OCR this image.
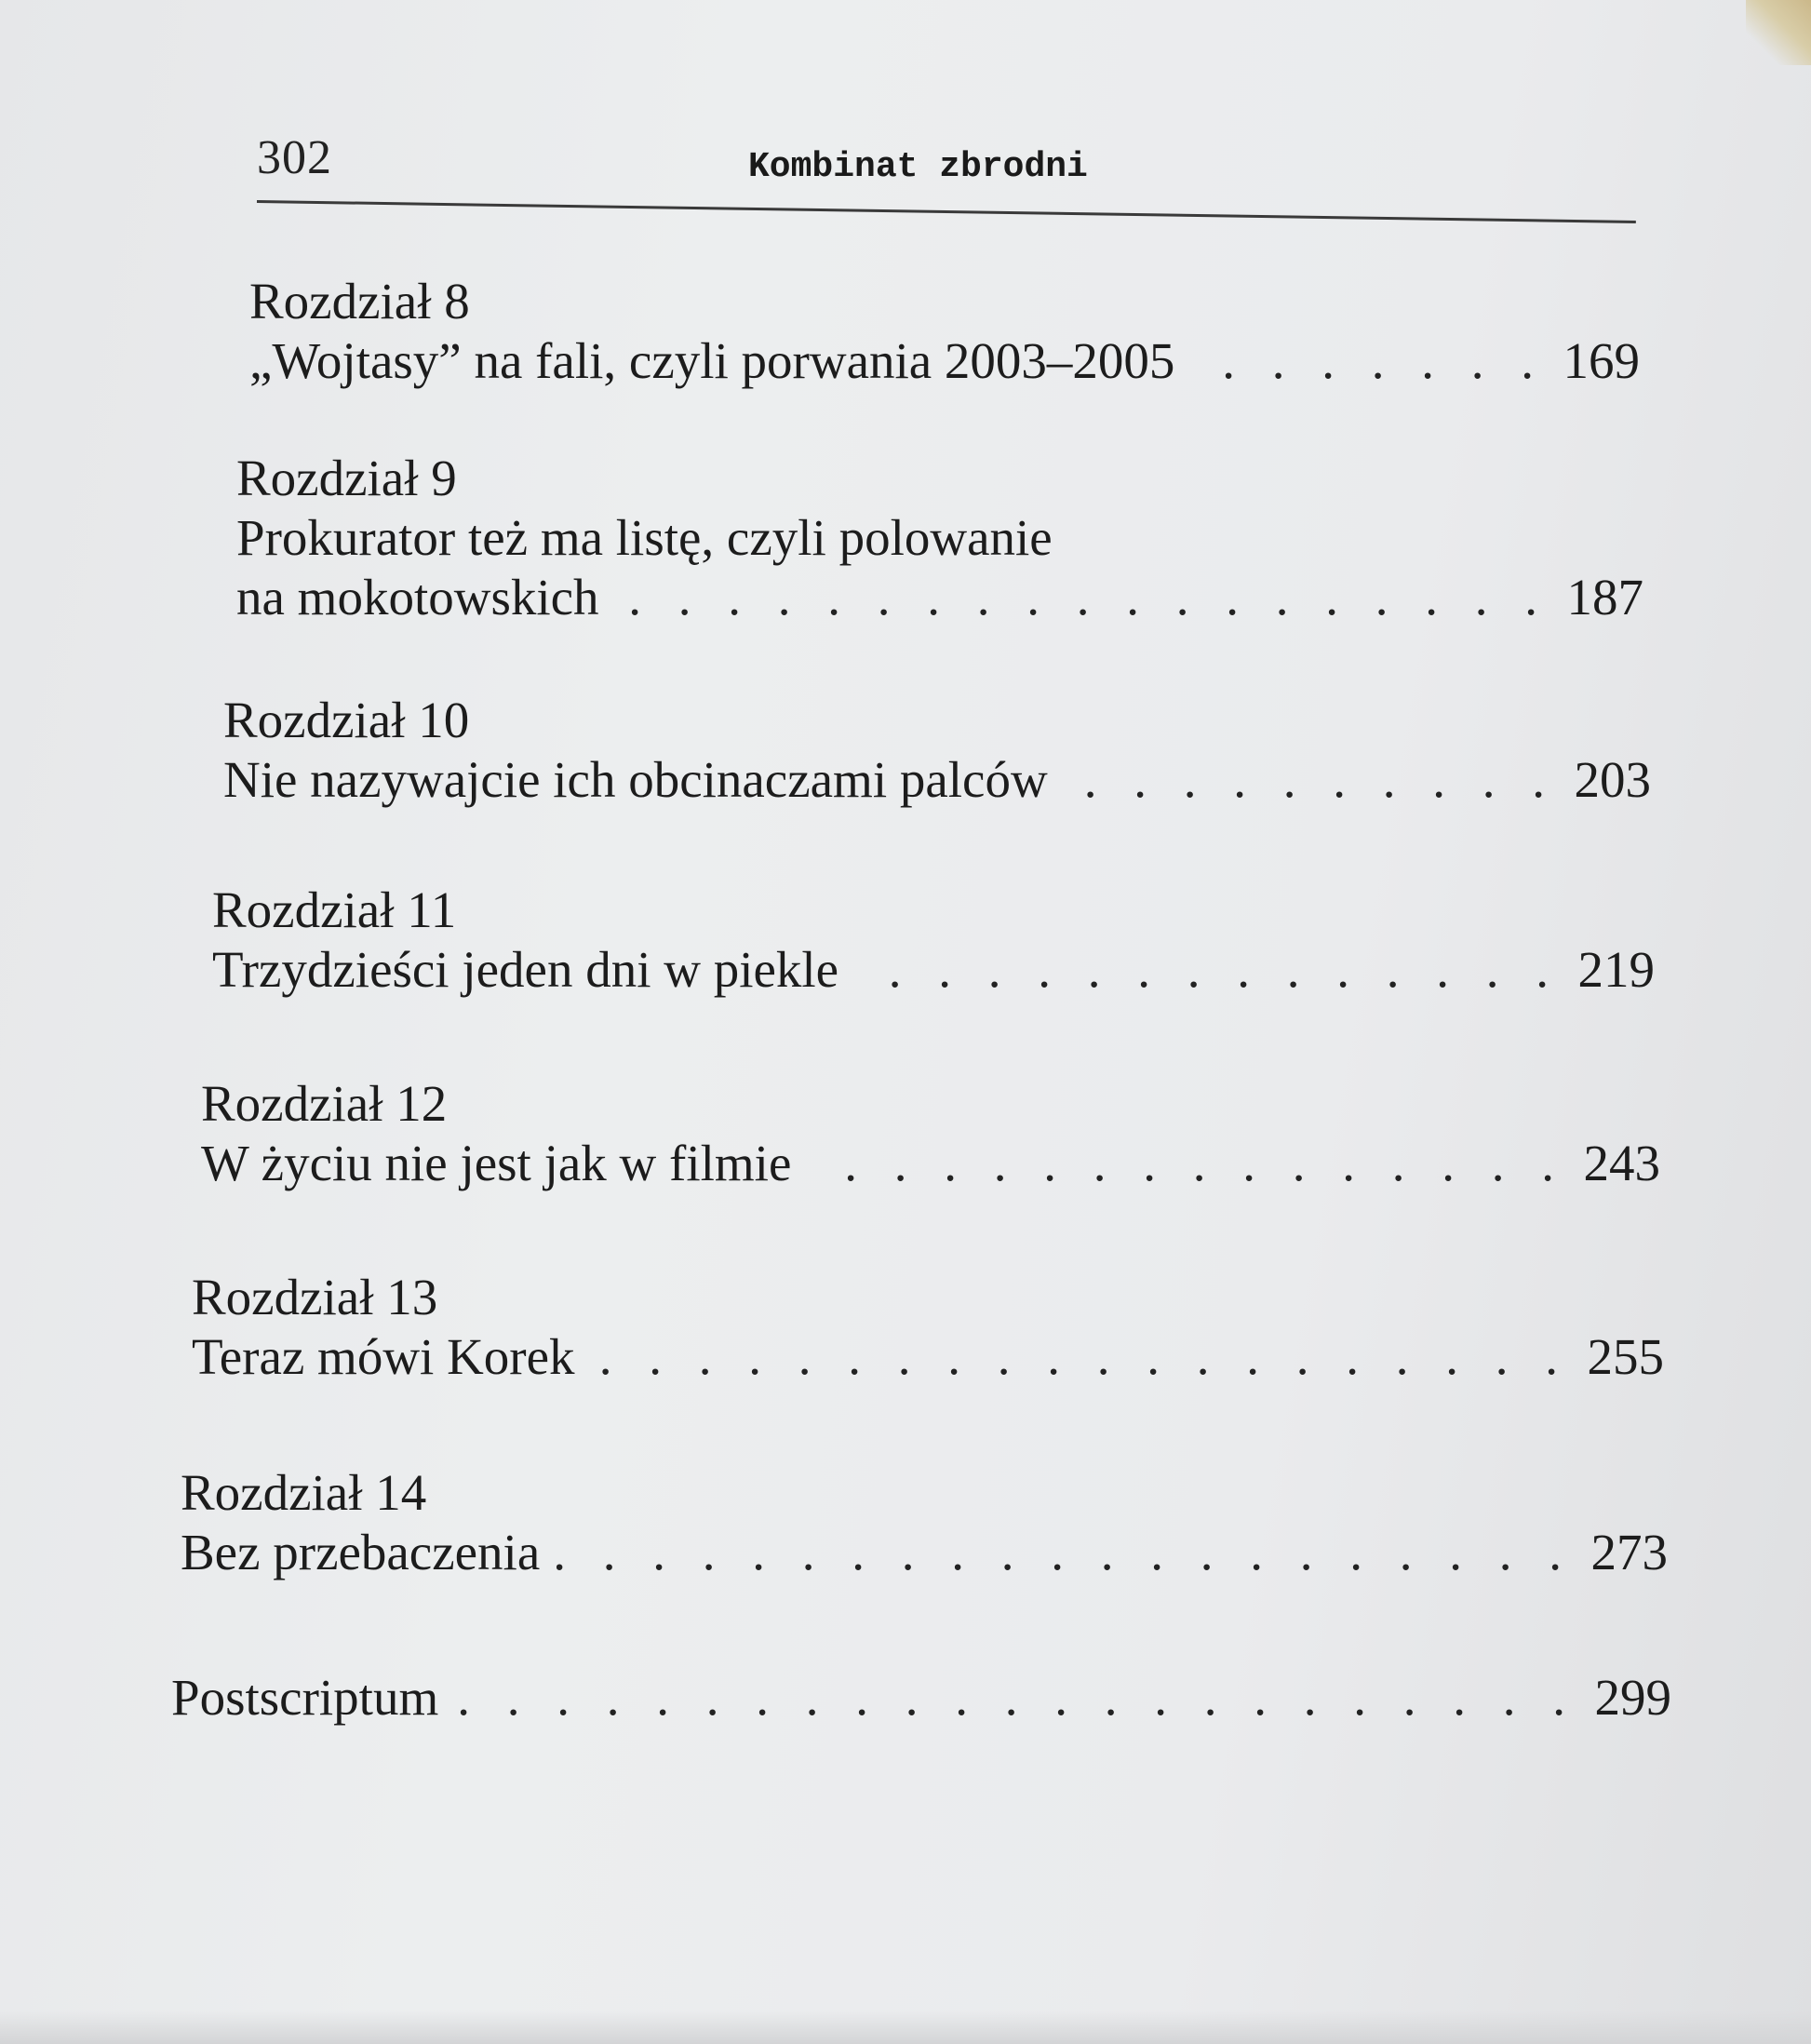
302	Kombinat zbrodni
Rozdział 8
„Wojtasy” na fali, czyli porwania 2003–2005 . . .	169
Rozdział 9
Prokurator też ma listę, czyli polowanie
na mokotowskich . . .	187
Rozdział 10
Nie nazywajcie ich obcinaczami palców . . .	203
Rozdział 11
Trzydzieści jeden dni w piekle . . .	219
Rozdział 12
W życiu nie jest jak w filmie . . .	243
Rozdział 13
Teraz mówi Korek . . .	255
Rozdział 14
Bez przebaczenia . . .	273
Postscriptum . . .	299
